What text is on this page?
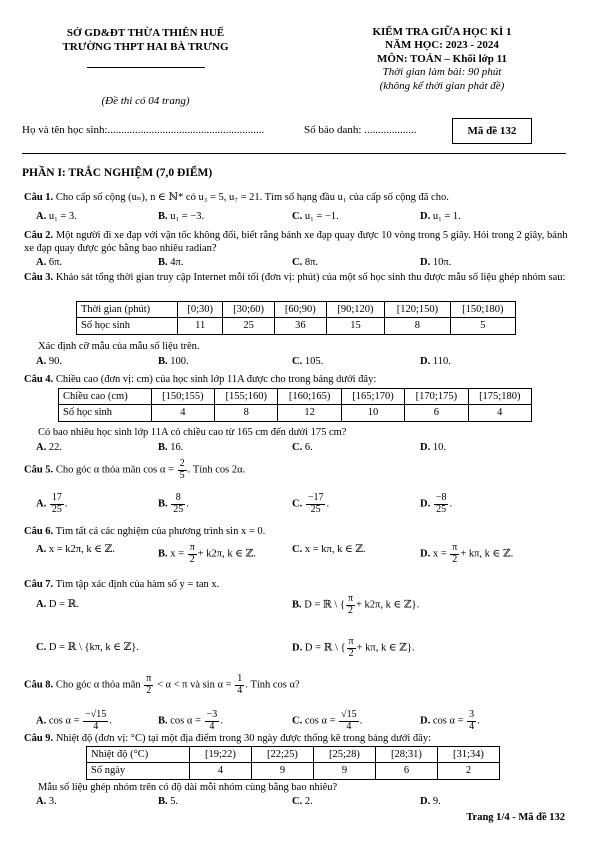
SỞ GD&ĐT THỪA THIÊN HUẾ
TRƯỜNG THPT HAI BÀ TRƯNG
(Đề thi có 04 trang)
KIỂM TRA GIỮA HỌC KÌ 1
NĂM HỌC: 2023 - 2024
MÔN: TOÁN – Khối lớp 11
Thời gian làm bài: 90 phút
(không kể thời gian phát đề)
Họ và tên học sinh:.........................................................	Số báo danh: ...................	Mã đề 132
PHẦN I: TRẮC NGHIỆM (7,0 ĐIỂM)
Câu 1. Cho cấp số cộng (uₙ), n ∈ ℕ* có u₃ = 5, u₇ = 21. Tìm số hạng đầu u₁ của cấp số cộng đã cho.
A. u₁ = 3.	B. u₁ = −3.	C. u₁ = −1.	D. u₁ = 1.
Câu 2. Một người đi xe đạp với vận tốc không đổi, biết rằng bánh xe đạp quay được 10 vòng trong 5 giây. Hỏi trong 2 giây, bánh xe đạp quay được góc bằng bao nhiêu radian?
A. 6π.	B. 4π.	C. 8π.	D. 10π.
Câu 3. Khảo sát tổng thời gian truy cập Internet mỗi tối (đơn vị: phút) của một số học sinh thu được mẫu số liệu ghép nhóm sau:
Thời gian (phút)	[0;30)	[30;60)	[60;90)	[90;120)	[120;150)	[150;180)
Số học sinh	11	25	36	15	8	5
Xác định cỡ mẫu của mẫu số liệu trên.
A. 90.	B. 100.	C. 105.	D. 110.
Câu 4. Chiều cao (đơn vị: cm) của học sinh lớp 11A được cho trong bảng dưới đây:
Chiều cao (cm)	[150;155)	[155;160)	[160;165)	[165;170)	[170;175)	[175;180)
Số học sinh	4	8	12	10	6	4
Có bao nhiêu học sinh lớp 11A có chiều cao từ 165 cm đến dưới 175 cm?
A. 22.	B. 16.	C. 6.	D. 10.
Câu 5. Cho góc α thỏa mãn $\cos \alpha = \frac{2}{5}$ . Tính cos 2α.
A. $\frac{17}{25}$ .	B. $\frac{8}{25}$ .	C. $\frac{-17}{25}$ .	D. $\frac{-8}{25}$ .
Câu 6. Tìm tất cả các nghiệm của phương trình sin x = 0.
A. x = k2π, k ∈ ℤ.	B. $x = \frac{\pi}{2} + k2\pi$, k ∈ ℤ.	C. x = kπ, k ∈ ℤ.	D. $x = \frac{\pi}{2} + k\pi$, k ∈ ℤ.
Câu 7. Tìm tập xác định của hàm số y = tan x.
A. D = ℝ.	B. D = ℝ \ { $\frac{\pi}{2} + k2\pi$, k ∈ ℤ}.
C. D = ℝ \ {kπ, k ∈ ℤ}.	D. D = ℝ \ { $\frac{\pi}{2} + k\pi$, k ∈ ℤ}.
Câu 8. Cho góc α thỏa mãn $\frac{\pi}{2} < \alpha < \pi$ và $\sin \alpha = \frac{1}{4}$ . Tính cos α?
A. $\cos \alpha = \frac{-√15}{4}$ .	B. $\cos \alpha = \frac{-3}{4}$ .	C. $\cos \alpha = \frac{√15}{4}$ .	D. $\cos \alpha = \frac{3}{4}$ .
Câu 9. Nhiệt độ (đơn vị: °C) tại một địa điểm trong 30 ngày được thống kê trong bảng dưới đây:
Nhiệt độ (°C)	[19;22)	[22;25)	[25;28)	[28;31)	[31;34)
Số ngày	4	9	9	6	2
Mẫu số liệu ghép nhóm trên có độ dài mỗi nhóm cùng bằng bao nhiêu?
A. 3.	B. 5.	C. 2.	D. 9.
Trang 1/4 - Mã đề 132
